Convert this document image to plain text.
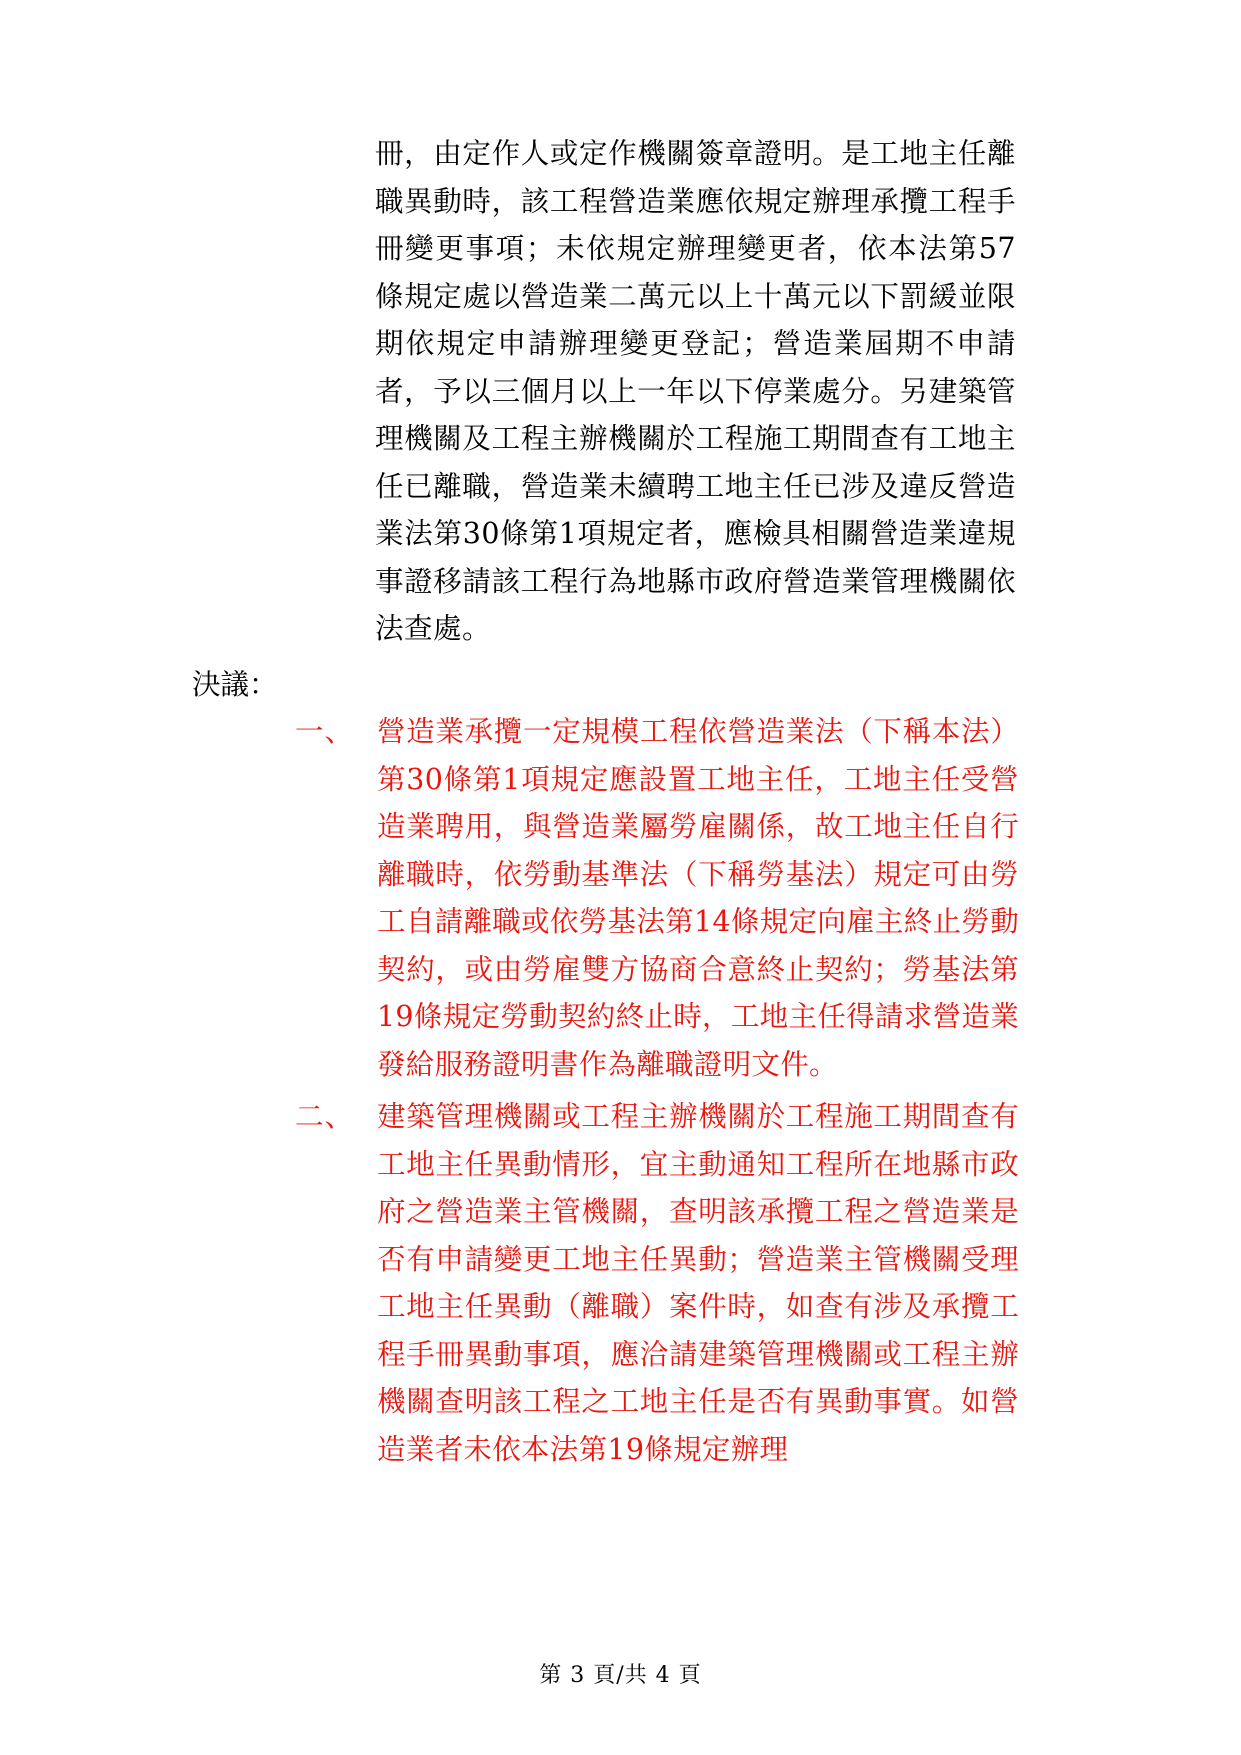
冊，由定作人或定作機關簽章證明。是工地主任離職異動時，該工程營造業應依規定辦理承攬工程手冊變更事項；未依規定辦理變更者，依本法第57條規定處以營造業二萬元以上十萬元以下罰緩並限期依規定申請辦理變更登記；營造業屆期不申請者，予以三個月以上一年以下停業處分。另建築管理機關及工程主辦機關於工程施工期間查有工地主任已離職，營造業未續聘工地主任已涉及違反營造業法第30條第1項規定者，應檢具相關營造業違規事證移請該工程行為地縣市政府營造業管理機關依法查處。
決議：
一、 營造業承攬一定規模工程依營造業法（下稱本法）第30條第1項規定應設置工地主任，工地主任受營造業聘用，與營造業屬勞雇關係，故工地主任自行離職時，依勞動基準法（下稱勞基法）規定可由勞工自請離職或依勞基法第14條規定向雇主終止勞動契約，或由勞雇雙方協商合意終止契約；勞基法第19條規定勞動契約終止時，工地主任得請求營造業發給服務證明書作為離職證明文件。
二、 建築管理機關或工程主辦機關於工程施工期間查有工地主任異動情形，宜主動通知工程所在地縣市政府之營造業主管機關，查明該承攬工程之營造業是否有申請變更工地主任異動；營造業主管機關受理工地主任異動（離職）案件時，如查有涉及承攬工程手冊異動事項，應洽請建築管理機關或工程主辦機關查明該工程之工地主任是否有異動事實。如營造業者未依本法第19條規定辦理
第 3 頁/共 4 頁
